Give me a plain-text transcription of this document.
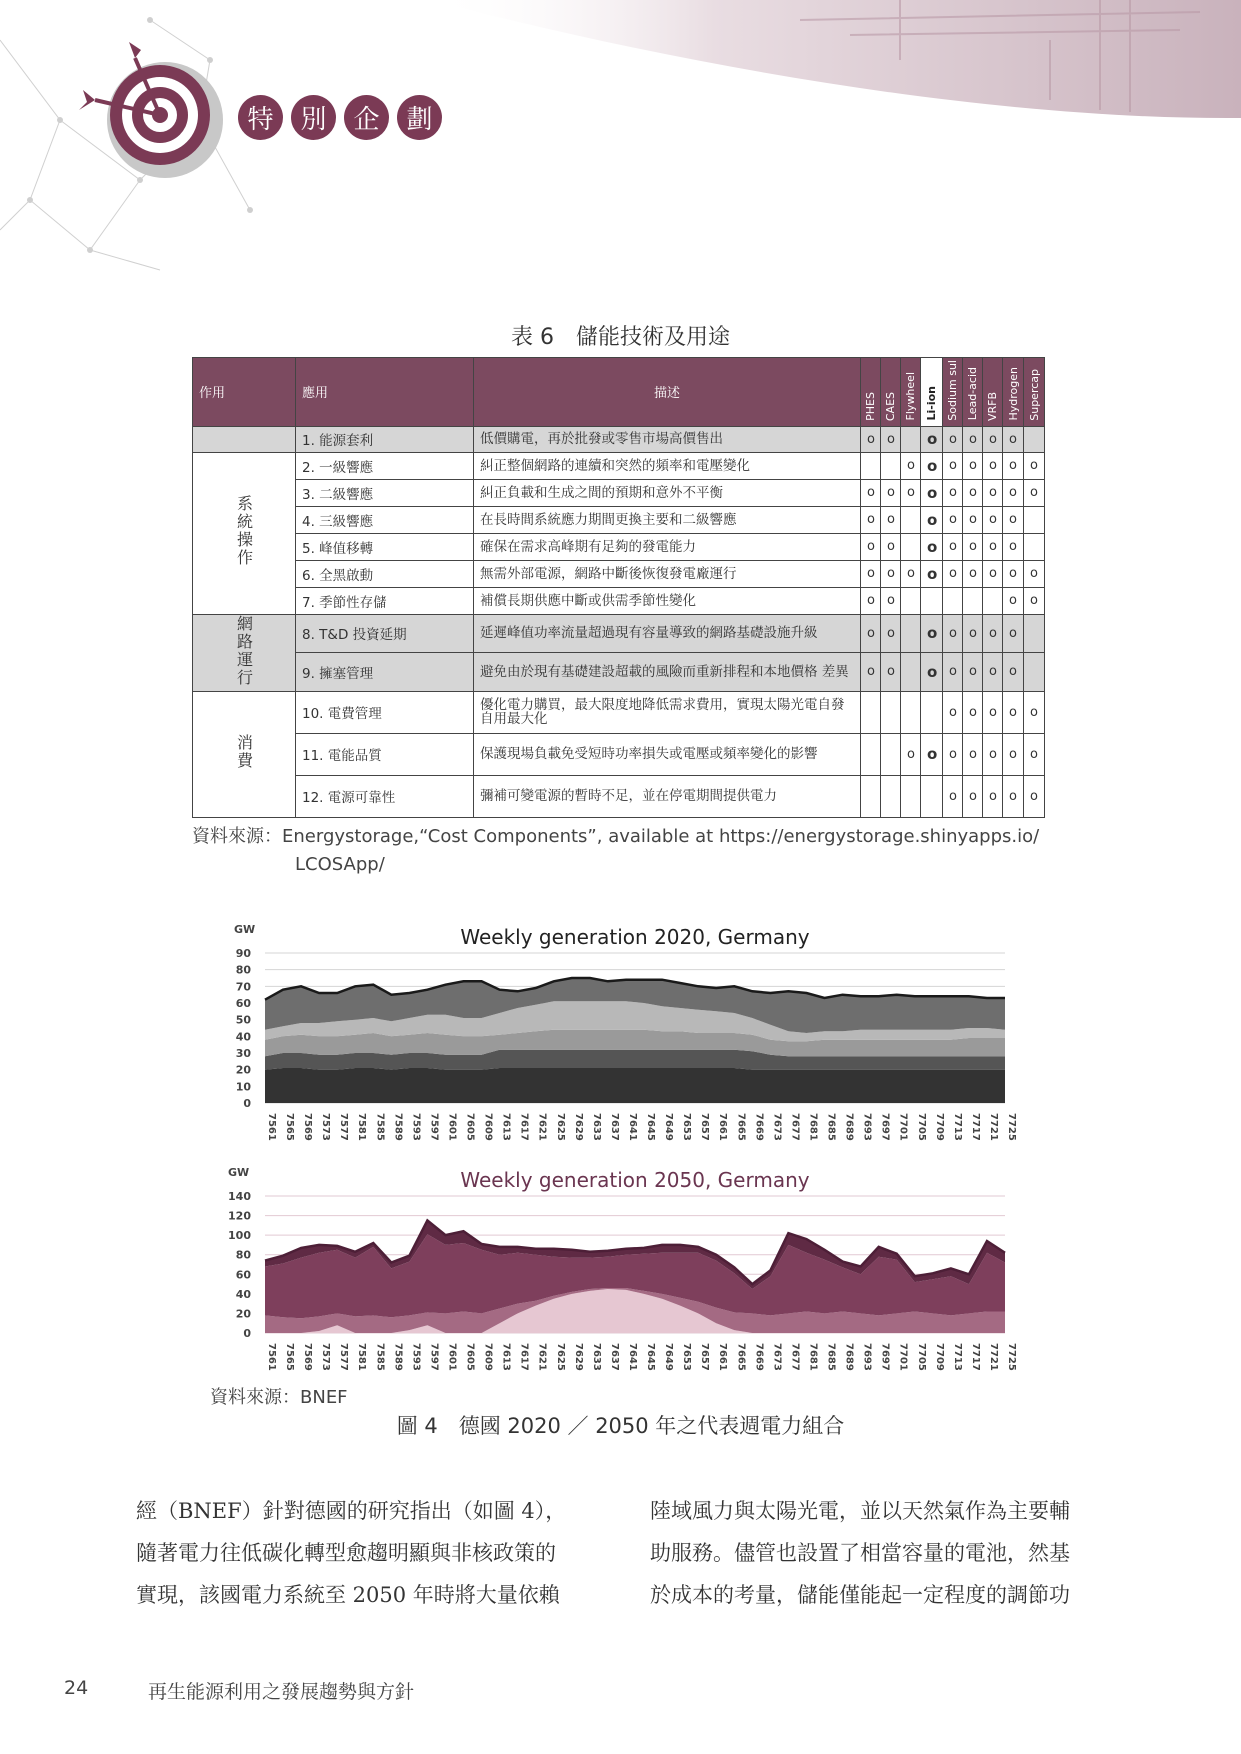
特	別	企	劃
表 6　儲能技術及用途
作用	應用	描述	PHES	CAES	Flywheel	Li-ion	Sodium sul	Lead-acid	VRFB	Hydrogen	Supercap
	1. 能源套利	低價購電，再於批發或零售市場高價售出	o	o		o	o	o	o	o	
系統操作	2. 一級響應	糾正整個網路的連續和突然的頻率和電壓變化			o	o	o	o	o	o	o
	3. 二級響應	糾正負載和生成之間的預期和意外不平衡	o	o	o	o	o	o	o	o	o
	4. 三級響應	在長時間系統應力期間更換主要和二級響應	o	o		o	o	o	o	o	
	5. 峰值移轉	確保在需求高峰期有足夠的發電能力	o	o		o	o	o	o	o	
	6. 全黑啟動	無需外部電源，網路中斷後恢復發電廠運行	o	o	o	o	o	o	o	o	o
	7. 季節性存儲	補償長期供應中斷或供需季節性變化	o	o						o	o
網路運行	8. T&D 投資延期	延遲峰值功率流量超過現有容量導致的網路基礎設施升級	o	o		o	o	o	o	o	
	9. 擁塞管理	避免由於現有基礎建設超載的風險而重新排程和本地價格 差異	o	o		o	o	o	o	o	
消費	10. 電費管理	優化電力購買，最大限度地降低需求費用，實現太陽光電自發自用最大化					o	o	o	o	o
	11. 電能品質	保護現場負載免受短時功率損失或電壓或頻率變化的影響			o	o	o	o	o	o	o
	12. 電源可靠性	彌補可變電源的暫時不足，並在停電期間提供電力					o	o	o	o	o
資料來源：Energystorage,“Cost Components”, available at https://energystorage.shinyapps.io/
LCOSApp/
Weekly generation 2020, Germany
GW
0
10
20
30
40
50
60
70
80
90
7561 7565 7569 7573 7577 7581 7585 7589 7593 7597 7601 7605 7609 7613 7617 7621 7625 7629 7633 7637 7641 7645 7649 7653 7657 7661 7665 7669 7673 7677 7681 7685 7689 7693 7697 7701 7705 7709 7713 7717 7721 7725
Weekly generation 2050, Germany
GW
0
20
40
60
80
100
120
140
7561 7565 7569 7573 7577 7581 7585 7589 7593 7597 7601 7605 7609 7613 7617 7621 7625 7629 7633 7637 7641 7645 7649 7653 7657 7661 7665 7669 7673 7677 7681 7685 7689 7693 7697 7701 7705 7709 7713 7717 7721 7725
資料來源：BNEF
圖 4　德國 2020 ／ 2050 年之代表週電力組合

經（BNEF）針對德國的研究指出（如圖 4），

隨著電力往低碳化轉型愈趨明顯與非核政策的

實現，該國電力系統至 2050 年時將大量依賴

陸域風力與太陽光電，並以天然氣作為主要輔

助服務。儘管也設置了相當容量的電池，然基

於成本的考量，儲能僅能起一定程度的調節功

24	再生能源利用之發展趨勢與方針
